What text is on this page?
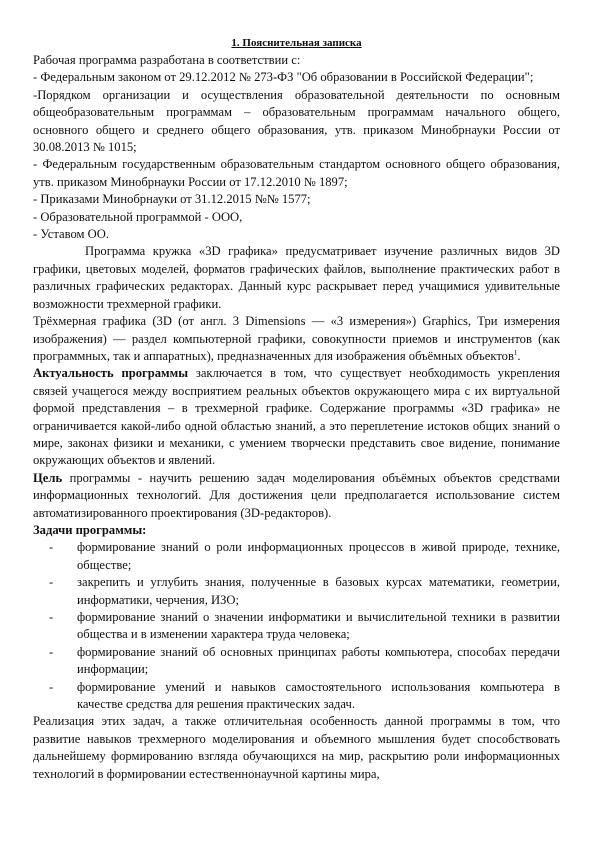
1. Пояснительная записка

Рабочая программа разработана в соответствии с:

- Федеральным законом от 29.12.2012 № 273-ФЗ "Об образовании в Российской Федерации";

-Порядком организации и осуществления образовательной деятельности по основным общеобразовательным программам – образовательным программам начального общего, основного общего и среднего общего образования, утв. приказом Минобрнауки России от 30.08.2013 № 1015;

- Федеральным государственным образовательным стандартом основного общего образования, утв. приказом Минобрнауки России от 17.12.2010 № 1897;

- Приказами Минобрнауки от 31.12.2015 №№ 1577;

- Образовательной программой - ООО,

- Уставом ОО.

Программа кружка «3D графика» предусматривает изучение различных видов 3D графики, цветовых моделей, форматов графических файлов, выполнение практических работ в различных графических редакторах. Данный курс раскрывает перед учащимися удивительные возможности трехмерной графики.

Трёхмерная графика (3D (от англ. 3 Dimensions — «3 измерения») Graphics, Три измерения изображения) — раздел компьютерной графики, совокупности приемов и инструментов (как программных, так и аппаратных), предназначенных для изображения объёмных объектов$^1$.

Актуальность программы заключается в том, что существует необходимость укрепления связей учащегося между восприятием реальных объектов окружающего мира с их виртуальной формой представления – в трехмерной графике. Содержание программы «3D графика» не ограничивается какой-либо одной областью знаний, а это переплетение истоков общих знаний о мире, законах физики и механики, с умением творчески представить свое видение, понимание окружающих объектов и явлений.

Цель программы - научить решению задач моделирования объёмных объектов средствами информационных технологий. Для достижения цели предполагается использование систем автоматизированного проектирования (3D-редакторов).

Задачи программы:

- формирование знаний о роли информационных процессов в живой природе, технике, обществе;
- закрепить и углубить знания, полученные в базовых курсах математики, геометрии, информатики, черчения, ИЗО;
- формирование знаний о значении информатики и вычислительной техники в развитии общества и в изменении характера труда человека;
- формирование знаний об основных принципах работы компьютера, способах передачи информации;
- формирование умений и навыков самостоятельного использования компьютера в качестве средства для решения практических задач.

Реализация этих задач, а также отличительная особенность данной программы в том, что развитие навыков трехмерного моделирования и объемного мышления будет способствовать дальнейшему формированию взгляда обучающихся на мир, раскрытию роли информационных технологий в формировании естественнонаучной картины мира,
